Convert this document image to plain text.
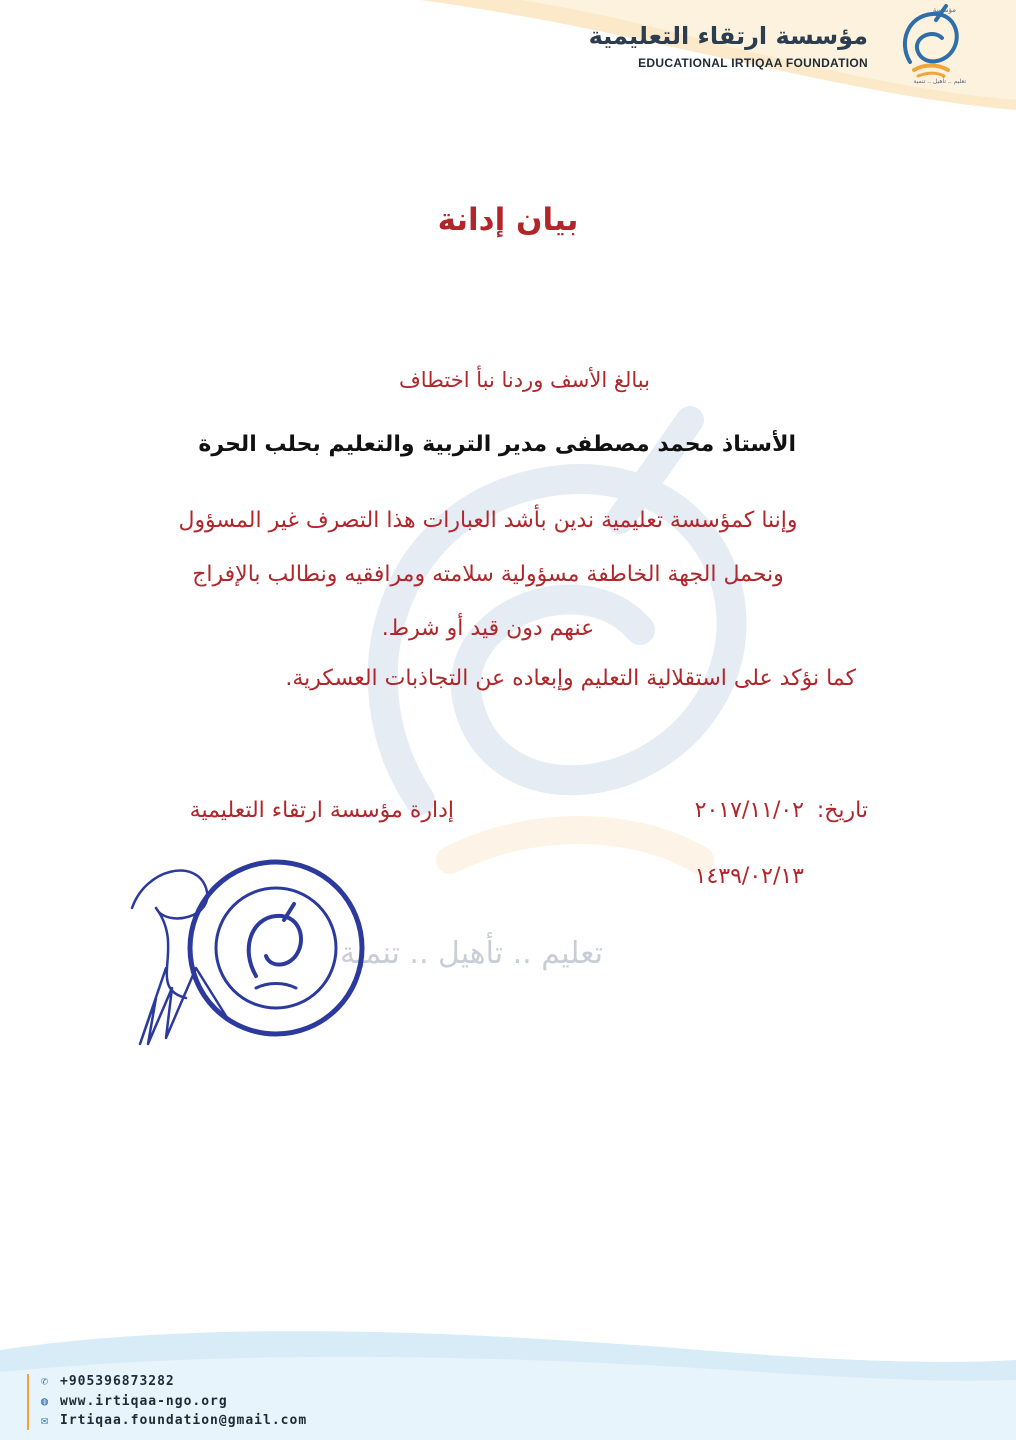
مؤسسة ارتقاء التعليمية
EDUCATIONAL IRTIQAA FOUNDATION
مؤسسة
تعليم .. تأهيل .. تنمية
تعليم .. تأهيل .. تنمية
بيان إدانة
ببالغ الأسف وردنا نبأ اختطاف
الأستاذ محمد مصطفى مدير التربية والتعليم بحلب الحرة
وإننا كمؤسسة تعليمية ندين بأشد العبارات هذا التصرف غير المسؤول
ونحمل الجهة الخاطفة مسؤولية سلامته ومرافقيه ونطالب بالإفراج
عنهم دون قيد أو شرط.
كما نؤكد على استقلالية التعليم وإبعاده عن التجاذبات العسكرية.
تاريخ:
٢٠١٧/١١/٠٢
١٤٣٩/٠٢/١٣
إدارة مؤسسة ارتقاء التعليمية
✆ +905396873282
◍ www.irtiqaa-ngo.org
✉ Irtiqaa.foundation@gmail.com
